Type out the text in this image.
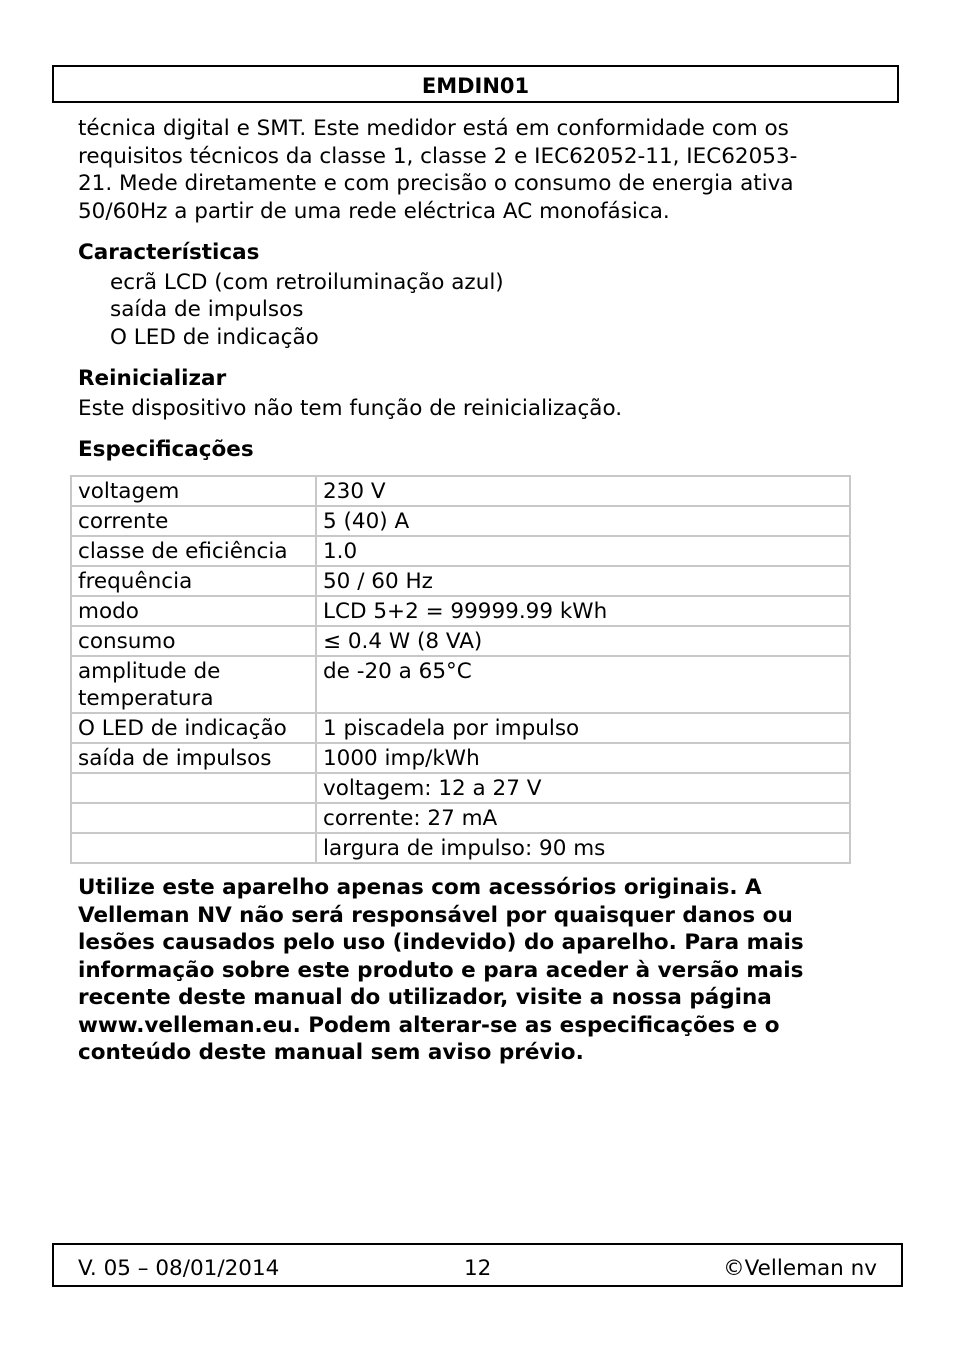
EMDIN01

técnica digital e SMT. Este medidor está em conformidade com os

requisitos técnicos da classe 1, classe 2 e IEC62052-11, IEC62053-

21. Mede diretamente e com precisão o consumo de energia ativa

50/60Hz a partir de uma rede eléctrica AC monofásica.

Características
ecrã LCD (com retroiluminação azul)
saída de impulsos
O LED de indicação
Reinicializar

Este dispositivo não tem função de reinicialização.

Especificações
voltagem	230 V
corrente	5 (40) A
classe de eficiência	1.0
frequência	50 / 60 Hz
modo	LCD 5+2 = 99999.99 kWh
consumo	≤ 0.4 W (8 VA)
amplitude de temperatura	de -20 a 65°C
O LED de indicação	1 piscadela por impulso
saída de impulsos	1000 imp/kWh
	voltagem: 12 a 27 V
	corrente: 27 mA
	largura de impulso: 90 ms
Utilize este aparelho apenas com acessórios originais. A
Velleman NV não será responsável por quaisquer danos ou
lesões causados pelo uso (indevido) do aparelho. Para mais
informação sobre este produto e para aceder à versão mais
recente deste manual do utilizador, visite a nossa página
www.velleman.eu. Podem alterar-se as especificações e o
conteúdo deste manual sem aviso prévio.
V. 05 – 08/01/2014	12	©Velleman nv
